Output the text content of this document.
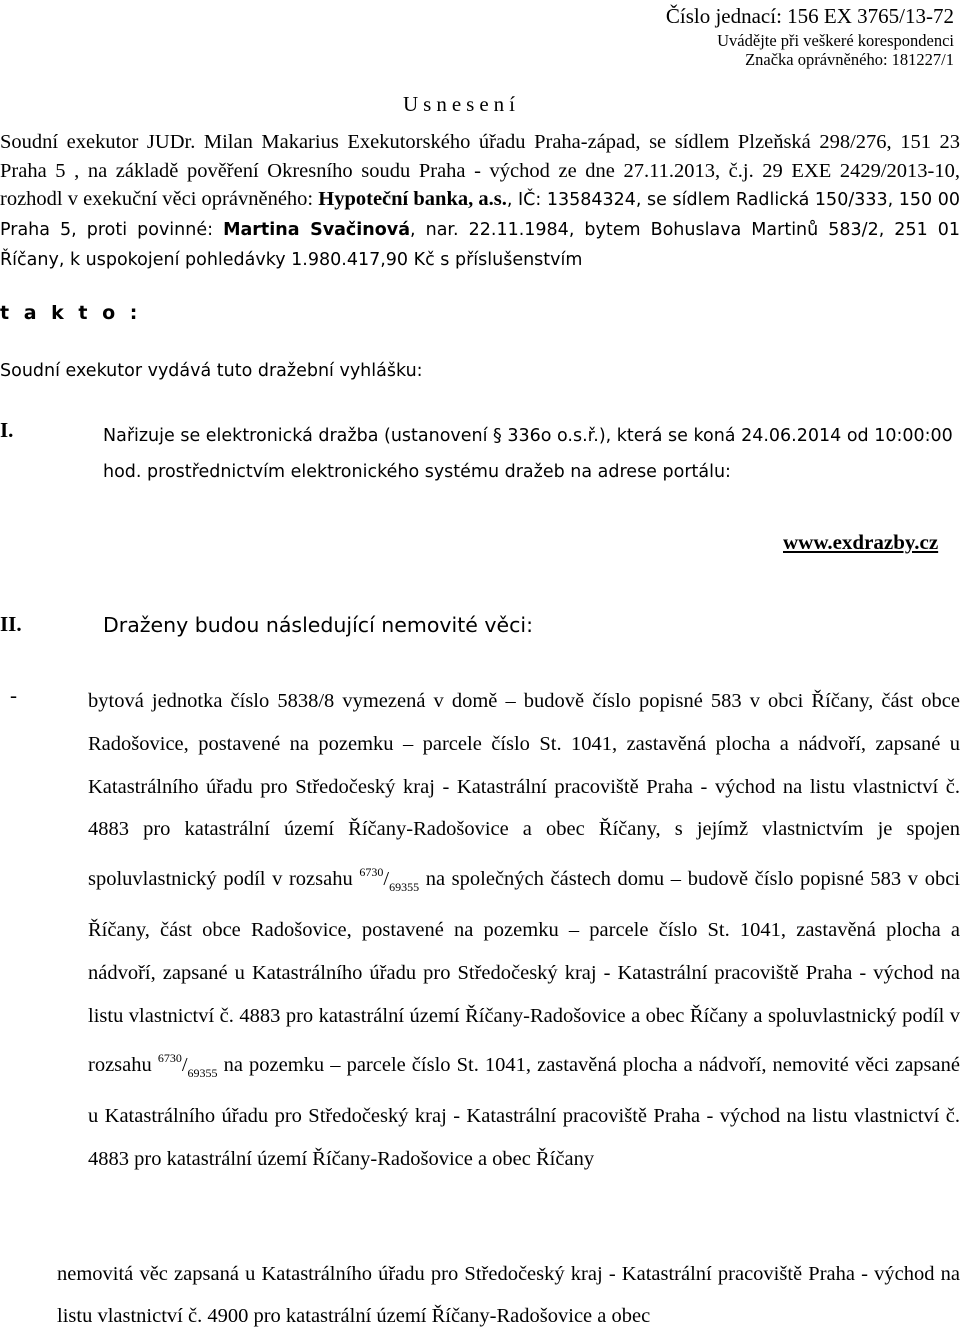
Číslo jednací: 156 EX 3765/13-72
Uváděјte při veškeré korespondenci
Značka oprávněného: 181227/1
Usnesení

Soudní exekutor JUDr. Milan Makarius Exekutorského úřadu Praha-západ, se sídlem Plzeňská 298/276, 151 23 Praha 5 , na základě pověření Okresního soudu Praha - východ ze dne 27.11.2013, č.j. 29 EXE 2429/2013-10, rozhodl v exekuční věci oprávněného: Hypoteční banka, a.s., IČ: 13584324, se sídlem Radlická 150/333, 150 00 Praha 5, proti povinné: Martina Svačinová, nar. 22.11.1984, bytem Bohuslava Martinů 583/2, 251 01 Říčany, k uspokojení pohledávky 1.980.417,90 Kč s příslušenstvím

t a k t o :
Soudní exekutor vydává tuto dražební vyhlášku:
I.	Nařizuje se elektronická dražba (ustanovení § 336o o.s.ř.), která se koná 24.06.2014 od 10:00:00 hod. prostřednictvím elektronického systému dražeb na adrese portálu:
www.exdrazby.cz
II.	Draženy budou následující nemovité věci:
-	bytová jednotka číslo 5838/8 vymezená v domě – budově číslo popisné 583 v obci Říčany, část obce Radošovice, postavené na pozemku – parcele číslo St. 1041, zastavěná plocha a nádvoří, zapsané u Katastrálního úřadu pro Středočeský kraj - Katastrální pracoviště Praha - východ na listu vlastnictví č. 4883 pro katastrální území Říčany-Radošovice a obec Říčany, s jejímž vlastnictvím je spojen spoluvlastnický podíl v rozsahu $^{6730}/_{69355}$ na společných částech domu – budově číslo popisné 583 v obci Říčany, část obce Radošovice, postavené na pozemku – parcele číslo St. 1041, zastavěná plocha a nádvoří, zapsané u Katastrálního úřadu pro Středočeský kraj - Katastrální pracoviště Praha - východ na listu vlastnictví č. 4883 pro katastrální území Říčany-Radošovice a obec Říčany a spoluvlastnický podíl v rozsahu $^{6730}/_{69355}$ na pozemku – parcele číslo St. 1041, zastavěná plocha a nádvoří, nemovité věci zapsané u Katastrálního úřadu pro Středočeský kraj - Katastrální pracoviště Praha - východ na listu vlastnictví č. 4883 pro katastrální území Říčany-Radošovice a obec Říčany

nemovitá věc zapsaná u Katastrálního úřadu pro Středočeský kraj - Katastrální pracoviště Praha - východ na listu vlastnictví č. 4900 pro katastrální území Říčany-Radošovice a obec
